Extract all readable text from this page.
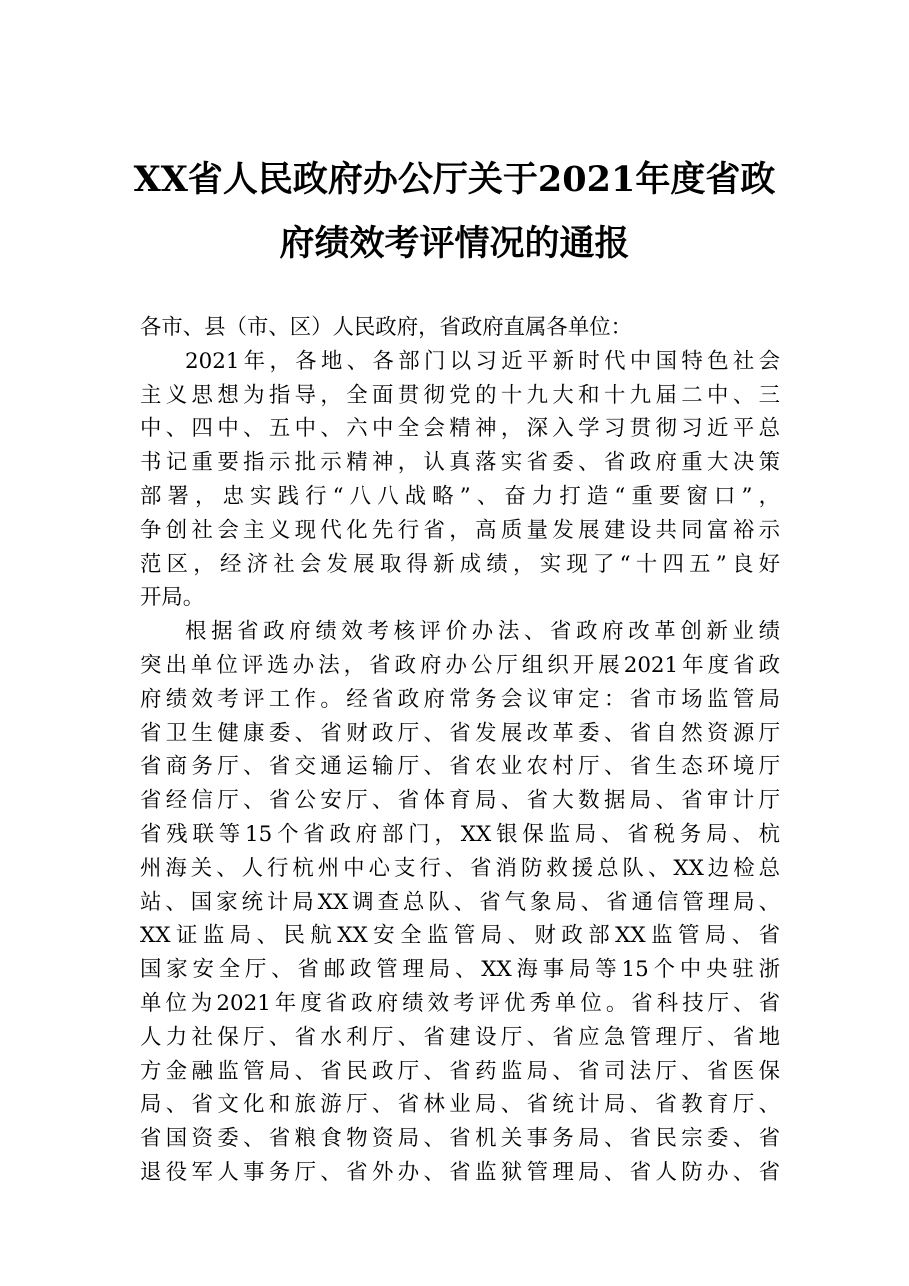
XX省人民政府办公厅关于2021年度省政
府绩效考评情况的通报
各市、县（市、区）人民政府，省政府直属各单位：
2021年，各地、各部门以习近平新时代中国特色社会
主义思想为指导，全面贯彻党的十九大和十九届二中、三
中、四中、五中、六中全会精神，深入学习贯彻习近平总
书记重要指示批示精神，认真落实省委、省政府重大决策
部署，忠实践行“八八战略”、奋力打造“重要窗口”，
争创社会主义现代化先行省，高质量发展建设共同富裕示
范区，经济社会发展取得新成绩，实现了“十四五”良好
开局。
根据省政府绩效考核评价办法、省政府改革创新业绩
突出单位评选办法，省政府办公厅组织开展2021年度省政
府绩效考评工作。经省政府常务会议审定：省市场监管局
省卫生健康委、省财政厅、省发展改革委、省自然资源厅
省商务厅、省交通运输厅、省农业农村厅、省生态环境厅
省经信厅、省公安厅、省体育局、省大数据局、省审计厅
省残联等15个省政府部门，XX银保监局、省税务局、杭
州海关、人行杭州中心支行、省消防救援总队、XX边检总
站、国家统计局XX调查总队、省气象局、省通信管理局、
XX证监局、民航XX安全监管局、财政部XX监管局、省
国家安全厅、省邮政管理局、XX海事局等15个中央驻浙
单位为2021年度省政府绩效考评优秀单位。省科技厅、省
人力社保厅、省水利厅、省建设厅、省应急管理厅、省地
方金融监管局、省民政厅、省药监局、省司法厅、省医保
局、省文化和旅游厅、省林业局、省统计局、省教育厅、
省国资委、省粮食物资局、省机关事务局、省民宗委、省
退役军人事务厅、省外办、省监狱管理局、省人防办、省
